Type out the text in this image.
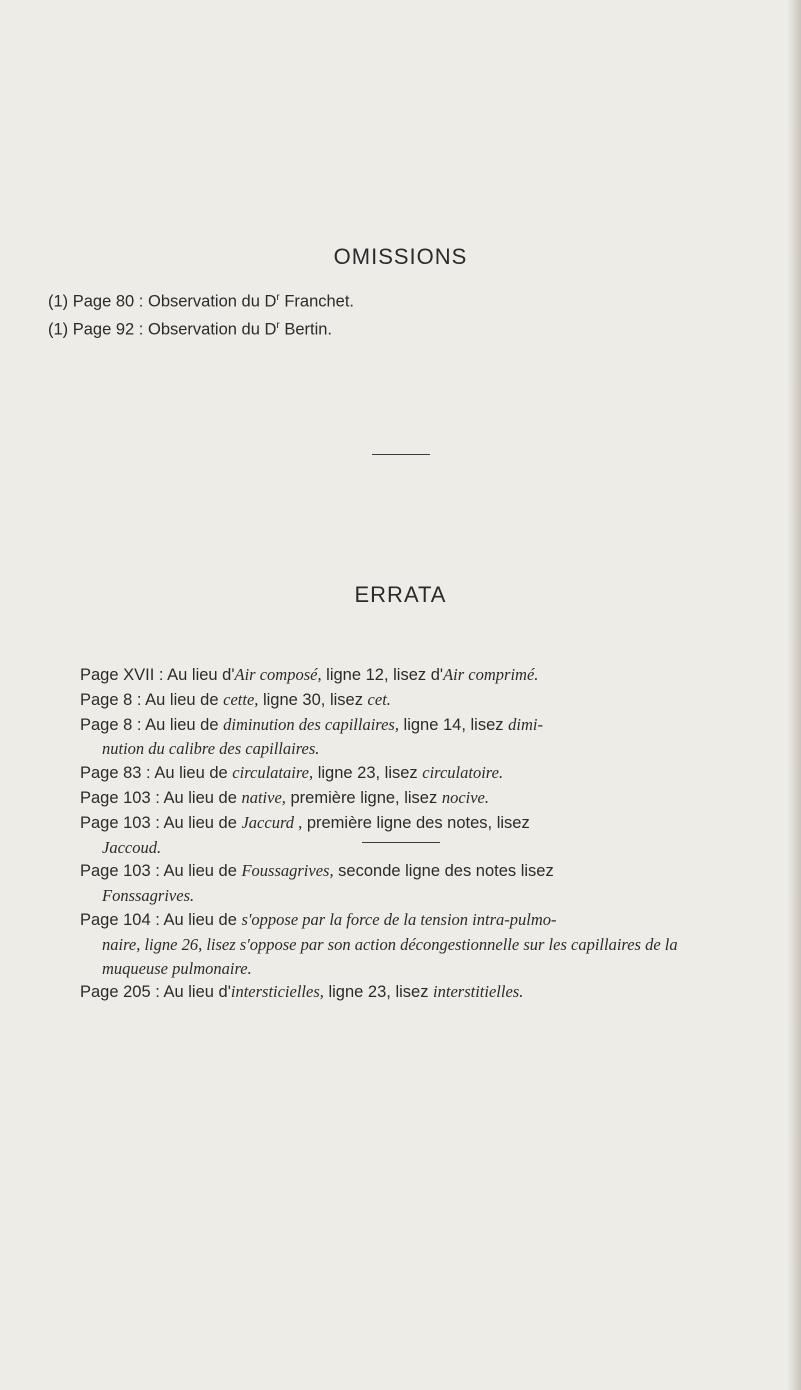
OMISSIONS
(1) Page 80 : Observation du $D^r$ Franchet.
(1) Page 92 : Observation du $D^r$ Bertin.
ERRATA

Page XVII : Au lieu d'Air composé, ligne 12, lisez d'Air comprimé.

Page 8 : Au lieu de cette, ligne 30, lisez cet.

Page 8 : Au lieu de diminution des capillaires, ligne 14, lisez dimi-
nution du calibre des capillaires.

Page 83 : Au lieu de circulataire, ligne 23, lisez circulatoire.

Page 103 : Au lieu de native, première ligne, lisez nocive.

Page 103 : Au lieu de Jaccurd , première ligne des notes, lisez
Jaccoud.

Page 103 : Au lieu de Foussagrives, seconde ligne des notes lisez
Fonssagrives.

Page 104 : Au lieu de s'oppose par la force de la tension intra-pulmo-
naire, ligne 26, lisez s'oppose par son action décongestionnelle sur les capillaires de la muqueuse pulmonaire.

Page 205 : Au lieu d'intersticielles, ligne 23, lisez interstitielles.
